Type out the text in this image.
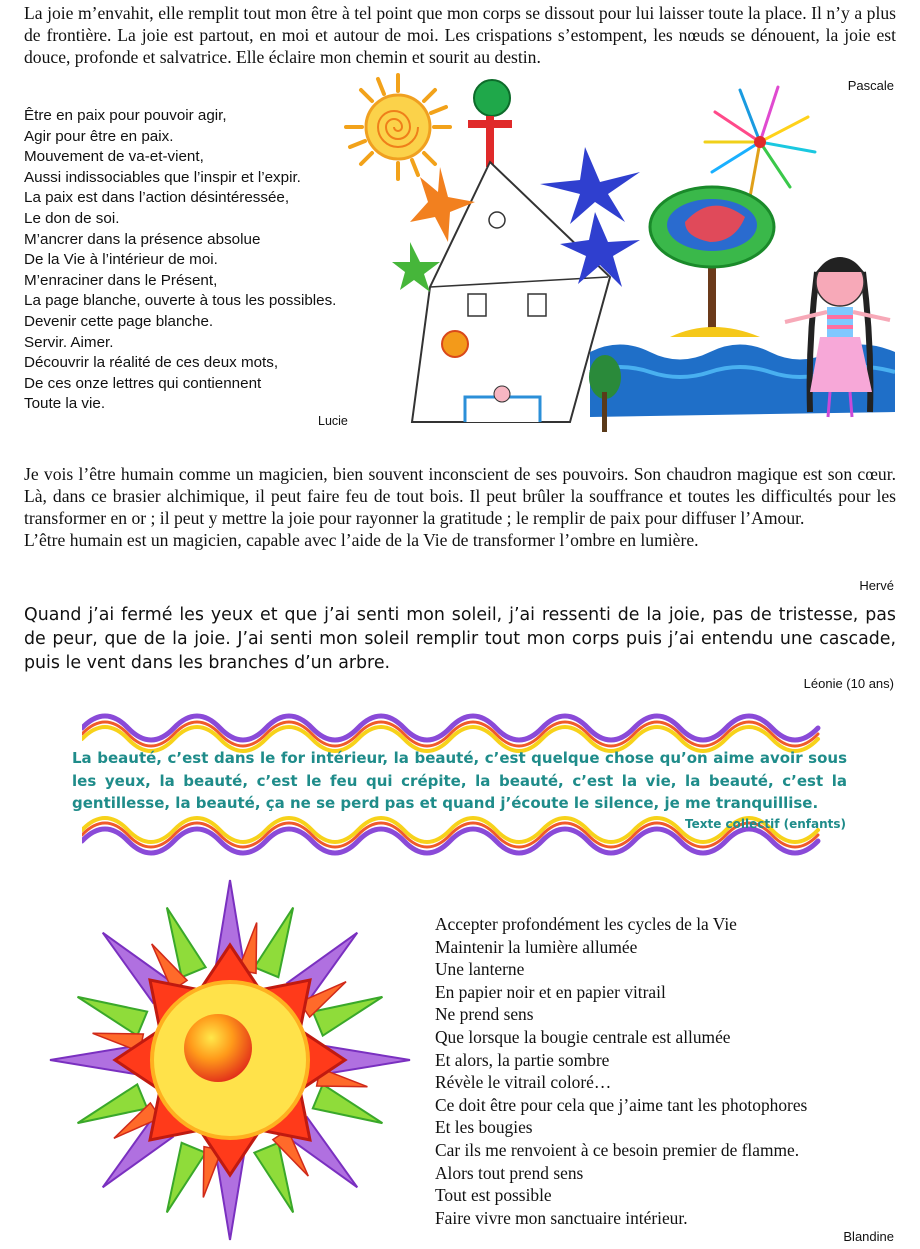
La joie m’envahit, elle remplit tout mon être à tel point que mon corps se dissout pour lui laisser toute la place. Il n’y a plus de frontière. La joie est partout, en moi et autour de moi. Les crispations s’estompent, les nœuds se dénouent, la joie est douce, profonde et salvatrice. Elle éclaire mon chemin et sourit au destin.
Pascale
Être en paix pour pouvoir agir,
Agir pour être en paix.
Mouvement de va-et-vient,
Aussi indissociables que l’inspir et l’expir.
La paix est dans l’action désintéressée,
Le don de soi.
M’ancrer dans la présence absolue
De la Vie à l’intérieur de moi.
M’enraciner dans le Présent,
La page blanche, ouverte à tous les possibles.
Devenir cette page blanche.
Servir. Aimer.
Découvrir la réalité de ces deux mots,
De ces onze lettres qui contiennent
Toute la vie.
Lucie

Je vois l’être humain comme un magicien, bien souvent inconscient de ses pouvoirs. Son chaudron magique est son cœur. Là, dans ce brasier alchimique, il peut faire feu de tout bois. Il peut brûler la souffrance et toutes les difficultés pour les transformer en or ; il peut y mettre la joie pour rayonner la gratitude ; le remplir de paix pour diffuser l’Amour.

L’être humain est un magicien, capable avec l’aide de la Vie de transformer l’ombre en lumière.

Hervé
Quand j’ai fermé les yeux et que j’ai senti mon soleil, j’ai ressenti de la joie, pas de tristesse, pas de peur, que de la joie. J’ai senti mon soleil remplir tout mon corps puis j’ai entendu une cascade, puis le vent dans les branches d’un arbre.
Léonie (10 ans)
La beauté, c’est dans le for intérieur, la beauté, c’est quelque chose qu’on aime avoir sous les yeux, la beauté, c’est le feu qui crépite, la beauté, c’est la vie, la beauté, c’est la gentillesse, la beauté, ça ne se perd pas et quand j’écoute le silence, je me tranquillise.
Texte collectif (enfants)
Accepter profondément les cycles de la Vie
Maintenir la lumière allumée
Une lanterne
En papier noir et en papier vitrail
Ne prend sens
Que lorsque la bougie centrale est allumée
Et alors, la partie sombre
Révèle le vitrail coloré…
Ce doit être pour cela que j’aime tant les photophores
Et les bougies
Car ils me renvoient à ce besoin premier de flamme.
Alors tout prend sens
Tout est possible
Faire vivre mon sanctuaire intérieur.
Blandine
